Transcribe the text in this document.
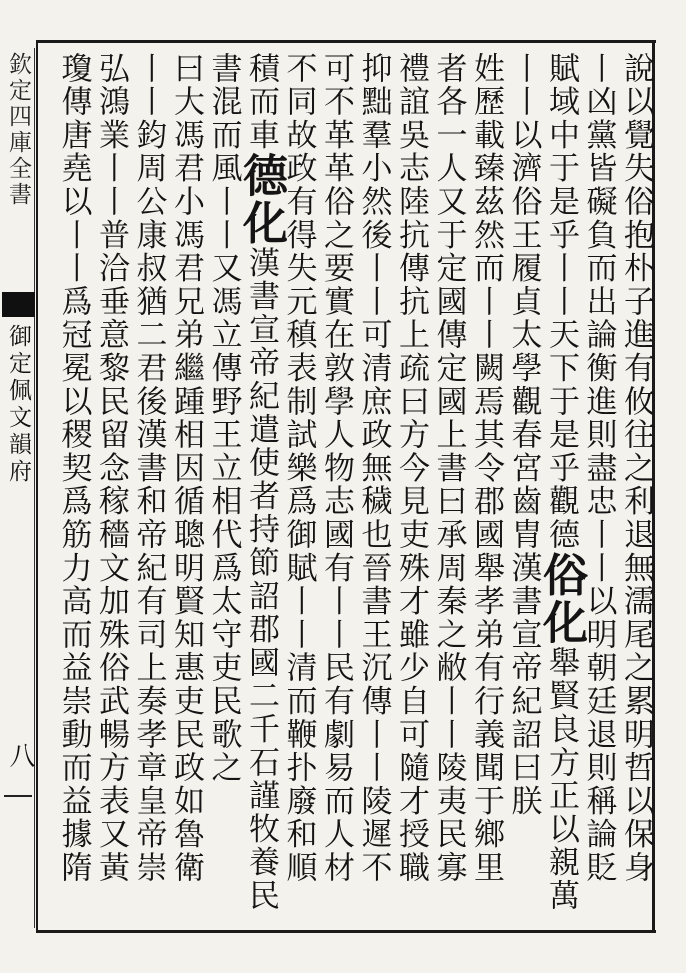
欽定四庫全書
御定佩文韻府
八	說以覺失俗抱朴子進有攸往之利退無濡尾之累明哲以保身
丨凶黨皆礙負而出論衡進則盡忠丨丨以明朝廷退則稱論貶
賦域中于是乎丨丨天下于是乎觀德俗化舉賢良方正以親萬
丨丨以濟俗王履貞太學觀春宮齒胄漢書宣帝紀詔曰朕
姓歷載臻茲然而丨丨闕焉其令郡國舉孝弟有行義聞于鄉里
者各一人又于定國傳定國上書曰承周秦之敝丨丨陵夷民寡
禮誼吳志陸抗傳抗上疏曰方今見吏殊才雖少自可隨才授職
抑黜羣小然後丨丨可清庶政無穢也晉書王沉傳丨丨陵遲不
可不革革俗之要實在敦學人物志國有丨丨民有劇易而人材
不同故政有得失元稹表制試樂爲御賦丨丨清而鞭扑廢和順
積而車德化漢書宣帝紀遣使者持節詔郡國二千石謹牧養民
書混而風丨丨又馮立傳野王立相代爲太守吏民歌之
曰大馮君小馮君兄弟繼踵相因循聰明賢知惠吏民政如魯衛
丨丨鈞周公康叔猶二君後漢書和帝紀有司上奏孝章皇帝崇
弘鴻業丨丨普洽垂意黎民留念稼穡文加殊俗武暢方表又黃
瓊傳唐堯以丨丨爲冠冕以稷契爲筋力高而益崇動而益據隋
